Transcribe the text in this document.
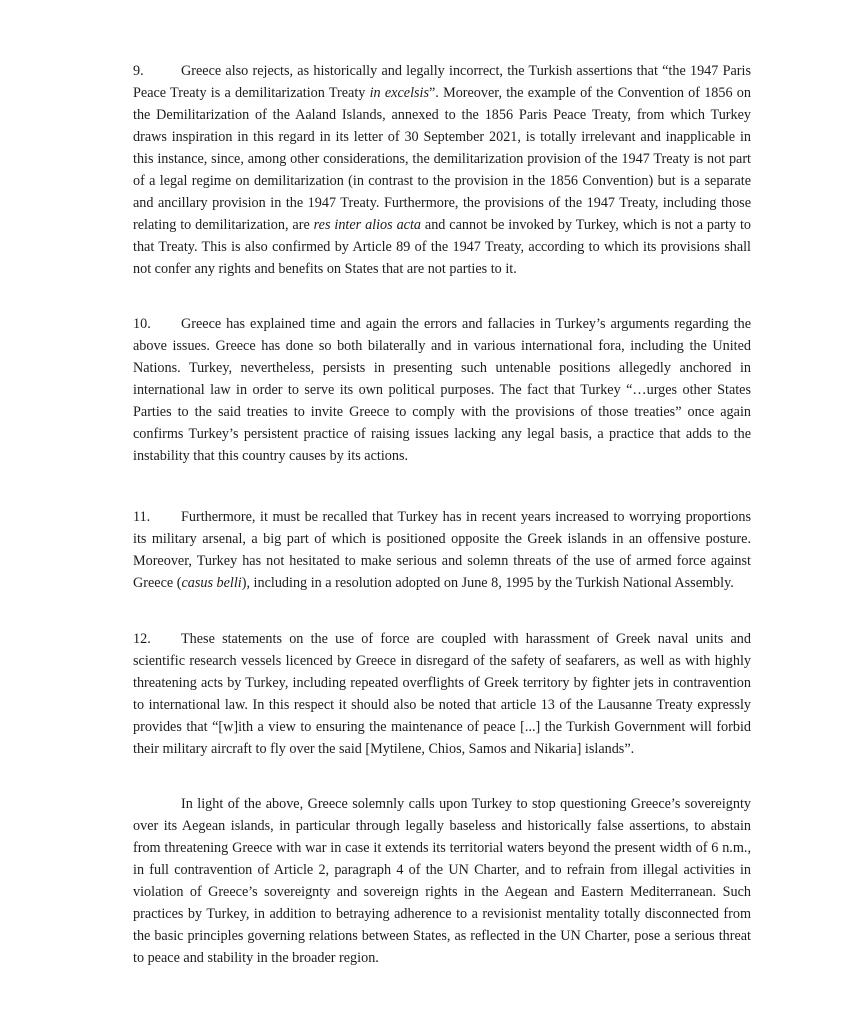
9.	Greece also rejects, as historically and legally incorrect, the Turkish assertions that “the 1947 Paris Peace Treaty is a demilitarization Treaty in excelsis”. Moreover, the example of the Convention of 1856 on the Demilitarization of the Aaland Islands, annexed to the 1856 Paris Peace Treaty, from which Turkey draws inspiration in this regard in its letter of 30 September 2021, is totally irrelevant and inapplicable in this instance, since, among other considerations, the demilitarization provision of the 1947 Treaty is not part of a legal regime on demilitarization (in contrast to the provision in the 1856 Convention) but is a separate and ancillary provision in the 1947 Treaty. Furthermore, the provisions of the 1947 Treaty, including those relating to demilitarization, are res inter alios acta and cannot be invoked by Turkey, which is not a party to that Treaty. This is also confirmed by Article 89 of the 1947 Treaty, according to which its provisions shall not confer any rights and benefits on States that are not parties to it.

10. Greece has explained time and again the errors and fallacies in Turkey’s arguments regarding the above issues. Greece has done so both bilaterally and in various international fora, including the United Nations. Turkey, nevertheless, persists in presenting such untenable positions allegedly anchored in international law in order to serve its own political purposes. The fact that Turkey “…urges other States Parties to the said treaties to invite Greece to comply with the provisions of those treaties” once again confirms Turkey’s persistent practice of raising issues lacking any legal basis, a practice that adds to the instability that this country causes by its actions.

11. Furthermore, it must be recalled that Turkey has in recent years increased to worrying proportions its military arsenal, a big part of which is positioned opposite the Greek islands in an offensive posture. Moreover, Turkey has not hesitated to make serious and solemn threats of the use of armed force against Greece (casus belli), including in a resolution adopted on June 8, 1995 by the Turkish National Assembly.

12. These statements on the use of force are coupled with harassment of Greek naval units and scientific research vessels licenced by Greece in disregard of the safety of seafarers, as well as with highly threatening acts by Turkey, including repeated overflights of Greek territory by fighter jets in contravention to international law. In this respect it should also be noted that article 13 of the Lausanne Treaty expressly provides that “[w]ith a view to ensuring the maintenance of peace [...] the Turkish Government will forbid their military aircraft to fly over the said [Mytilene, Chios, Samos and Nikaria] islands”.

In light of the above, Greece solemnly calls upon Turkey to stop questioning Greece’s sovereignty over its Aegean islands, in particular through legally baseless and historically false assertions, to abstain from threatening Greece with war in case it extends its territorial waters beyond the present width of 6 n.m., in full contravention of Article 2, paragraph 4 of the UN Charter, and to refrain from illegal activities in violation of Greece’s sovereignty and sovereign rights in the Aegean and Eastern Mediterranean. Such practices by Turkey, in addition to betraying adherence to a revisionist mentality totally disconnected from the basic principles governing relations between States, as reflected in the UN Charter, pose a serious threat to peace and stability in the broader region.
